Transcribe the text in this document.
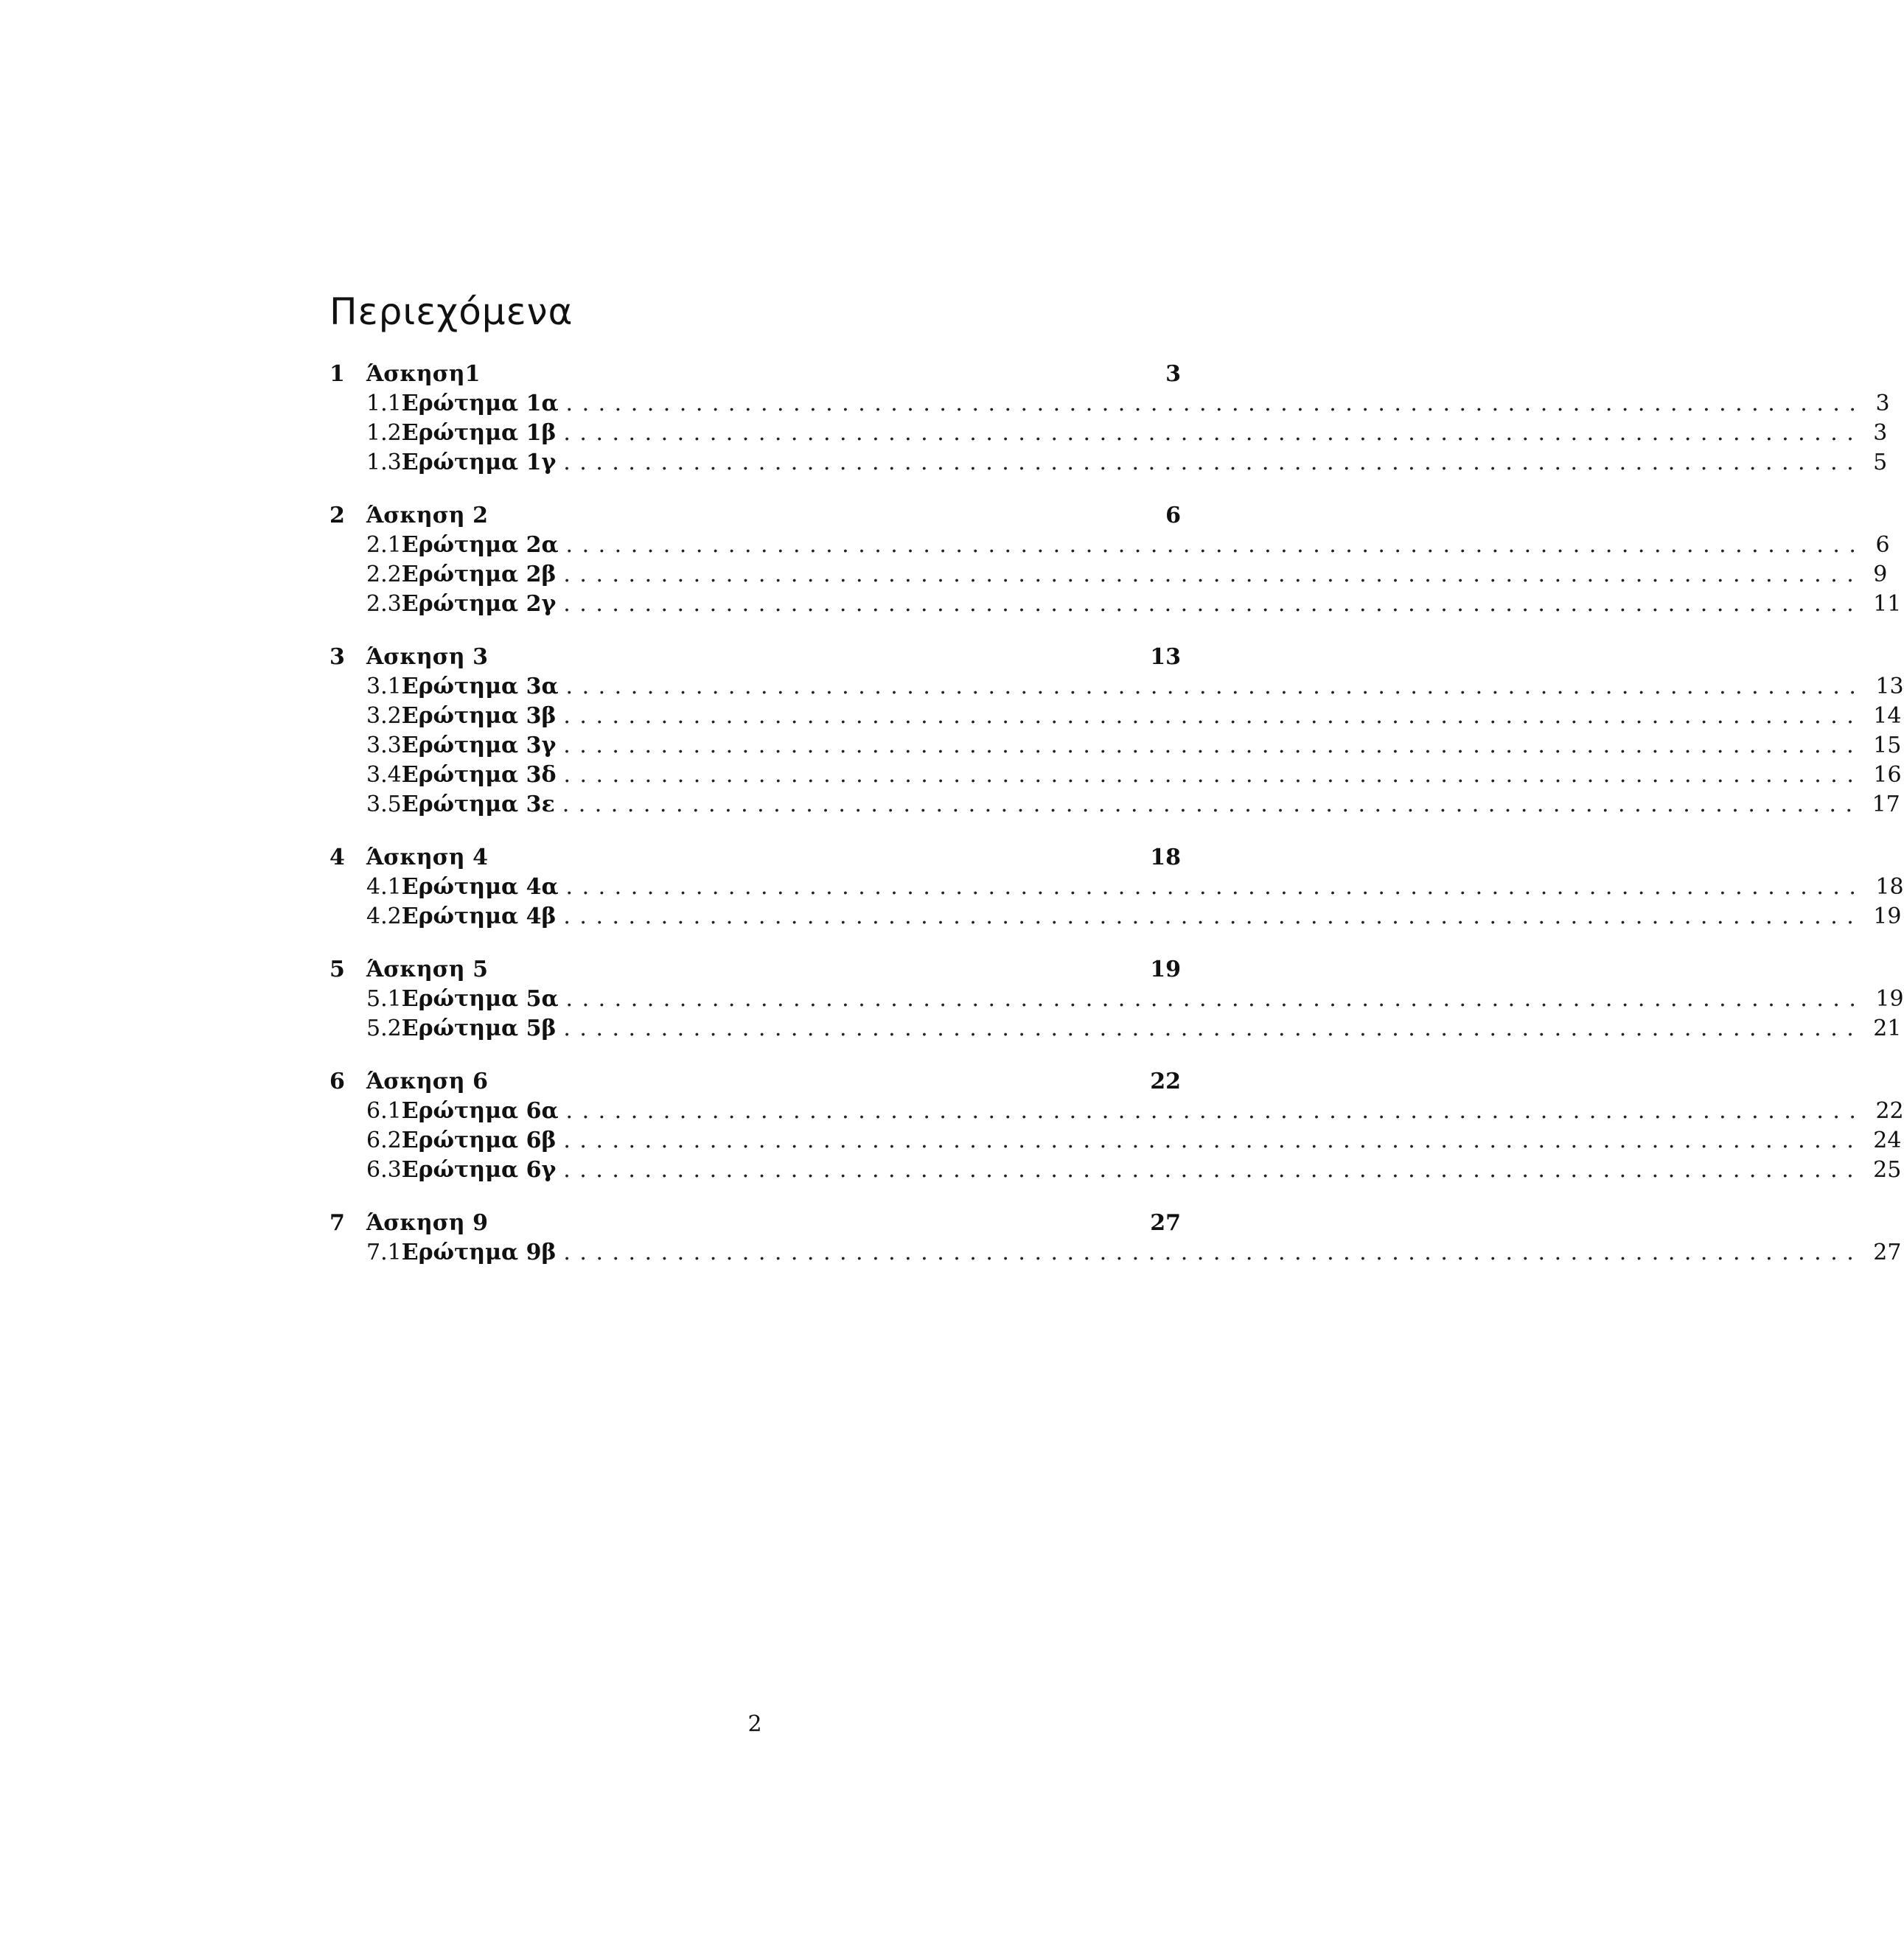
Περιεχόμενα
1 Άσκηση1	3
1.1 Ερώτημα 1α ................................................................................ 3
1.2 Ερώτημα 1β ................................................................................ 3
1.3 Ερώτημα 1γ ................................................................................ 5
2 Άσκηση 2	6
2.1 Ερώτημα 2α ................................................................................ 6
2.2 Ερώτημα 2β ................................................................................ 9
2.3 Ερώτημα 2γ ................................................................................ 11
3 Άσκηση 3	13
3.1 Ερώτημα 3α ................................................................................ 13
3.2 Ερώτημα 3β ................................................................................ 14
3.3 Ερώτημα 3γ ................................................................................ 15
3.4 Ερώτημα 3δ ................................................................................ 16
3.5 Ερώτημα 3ε ................................................................................ 17
4 Άσκηση 4	18
4.1 Ερώτημα 4α ................................................................................ 18
4.2 Ερώτημα 4β ................................................................................ 19
5 Άσκηση 5	19
5.1 Ερώτημα 5α ................................................................................ 19
5.2 Ερώτημα 5β ................................................................................ 21
6 Άσκηση 6	22
6.1 Ερώτημα 6α ................................................................................ 22
6.2 Ερώτημα 6β ................................................................................ 24
6.3 Ερώτημα 6γ ................................................................................ 25
7 Άσκηση 9	27
7.1 Ερώτημα 9β ................................................................................ 27
2
